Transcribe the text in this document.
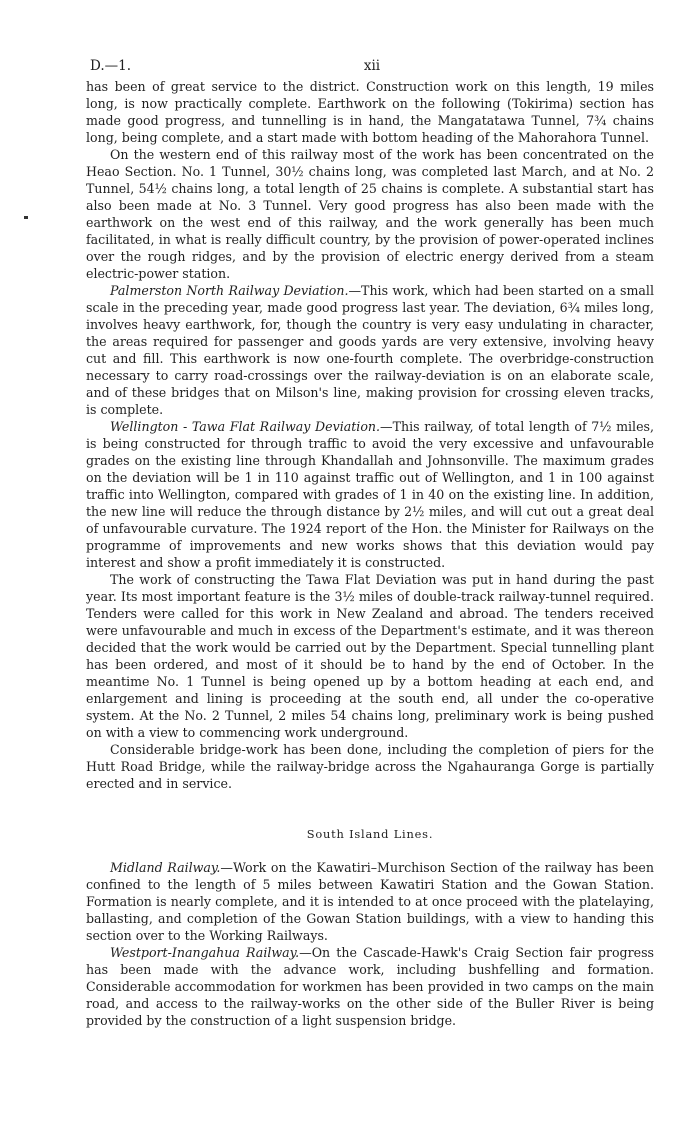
D.—1.	xii

has been of great service to the district. Construction work on this length, 19 miles long, is now practically complete. Earthwork on the following (Tokirima) section has made good progress, and tunnelling is in hand, the Mangatatawa Tunnel, 7¾ chains long, being complete, and a start made with bottom heading of the Mahorahora Tunnel.

On the western end of this railway most of the work has been concentrated on the Heao Section. No. 1 Tunnel, 30½ chains long, was completed last March, and at No. 2 Tunnel, 54½ chains long, a total length of 25 chains is complete. A substantial start has also been made at No. 3 Tunnel. Very good progress has also been made with the earthwork on the west end of this railway, and the work generally has been much facilitated, in what is really difficult country, by the provision of power-operated inclines over the rough ridges, and by the provision of electric energy derived from a steam electric-power station.

Palmerston North Railway Deviation.—This work, which had been started on a small scale in the preceding year, made good progress last year. The deviation, 6¾ miles long, involves heavy earthwork, for, though the country is very easy undulating in character, the areas required for passenger and goods yards are very extensive, involving heavy cut and fill. This earthwork is now one-fourth complete. The overbridge-construction necessary to carry road-crossings over the railway-deviation is on an elaborate scale, and of these bridges that on Milson's line, making provision for crossing eleven tracks, is complete.

Wellington - Tawa Flat Railway Deviation.—This railway, of total length of 7½ miles, is being constructed for through traffic to avoid the very excessive and unfavourable grades on the existing line through Khandallah and Johnsonville. The maximum grades on the deviation will be 1 in 110 against traffic out of Wellington, and 1 in 100 against traffic into Wellington, compared with grades of 1 in 40 on the existing line. In addition, the new line will reduce the through distance by 2½ miles, and will cut out a great deal of unfavourable curvature. The 1924 report of the Hon. the Minister for Railways on the programme of improvements and new works shows that this deviation would pay interest and show a profit immediately it is constructed.

The work of constructing the Tawa Flat Deviation was put in hand during the past year. Its most important feature is the 3½ miles of double-track railway-tunnel required. Tenders were called for this work in New Zealand and abroad. The tenders received were unfavourable and much in excess of the Department's estimate, and it was thereon decided that the work would be carried out by the Department. Special tunnelling plant has been ordered, and most of it should be to hand by the end of October. In the meantime No. 1 Tunnel is being opened up by a bottom heading at each end, and enlargement and lining is proceeding at the south end, all under the co-operative system. At the No. 2 Tunnel, 2 miles 54 chains long, preliminary work is being pushed on with a view to commencing work underground.

Considerable bridge-work has been done, including the completion of piers for the Hutt Road Bridge, while the railway-bridge across the Ngahauranga Gorge is partially erected and in service.

South Island Lines.

Midland Railway.—Work on the Kawatiri–Murchison Section of the railway has been confined to the length of 5 miles between Kawatiri Station and the Gowan Station. Formation is nearly complete, and it is intended to at once proceed with the platelaying, ballasting, and completion of the Gowan Station buildings, with a view to handing this section over to the Working Railways.

Westport-Inangahua Railway.—On the Cascade-Hawk's Craig Section fair progress has been made with the advance work, including bushfelling and formation. Considerable accommodation for workmen has been provided in two camps on the main road, and access to the railway-works on the other side of the Buller River is being provided by the construction of a light suspension bridge.
